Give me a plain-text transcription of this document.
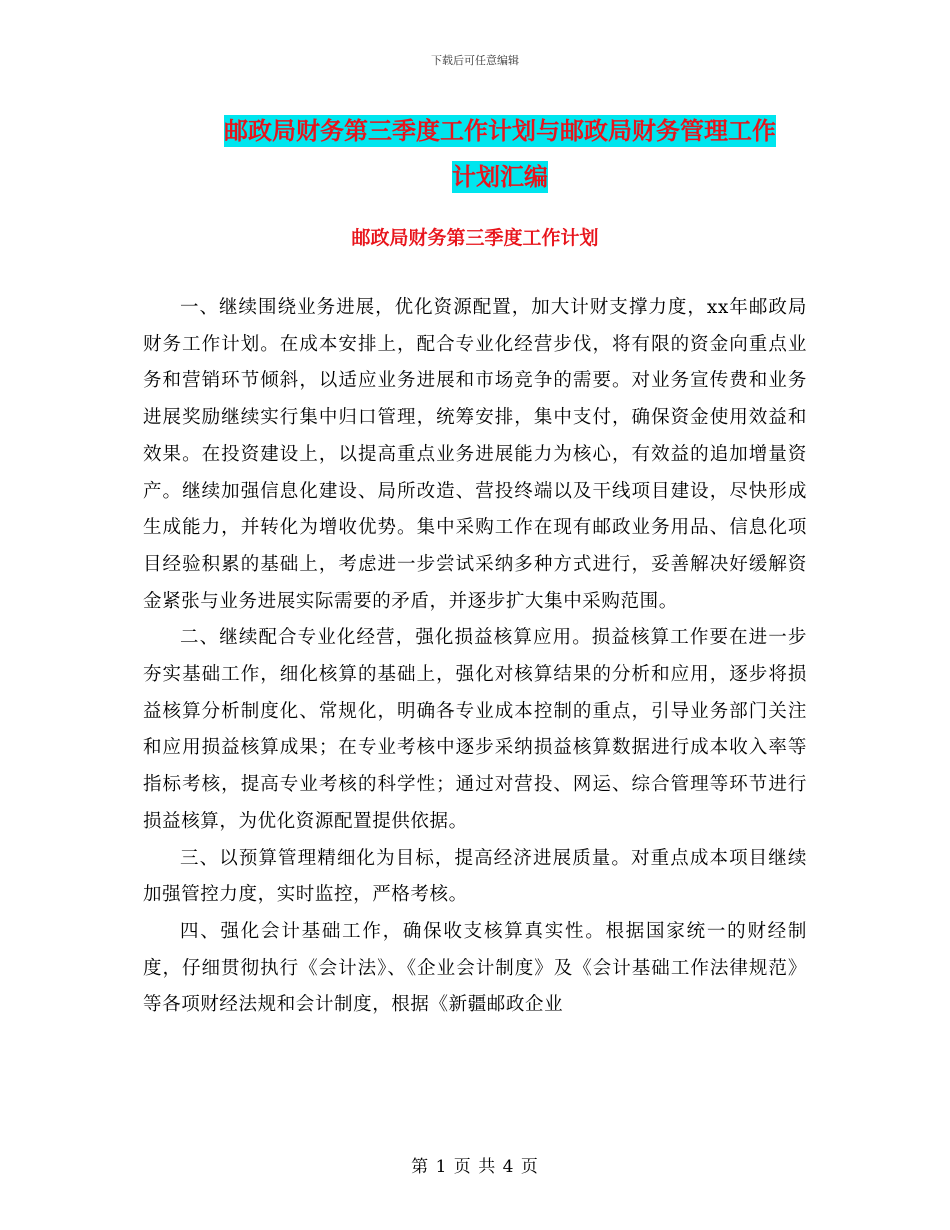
下载后可任意编辑
邮政局财务第三季度工作计划与邮政局财务管理工作
计划汇编
邮政局财务第三季度工作计划

一、继续围绕业务进展，优化资源配置，加大计财支撑力度，xx年邮政局财务工作计划。在成本安排上，配合专业化经营步伐，将有限的资金向重点业务和营销环节倾斜，以适应业务进展和市场竞争的需要。对业务宣传费和业务进展奖励继续实行集中归口管理，统筹安排，集中支付，确保资金使用效益和效果。在投资建设上，以提高重点业务进展能力为核心，有效益的追加增量资产。继续加强信息化建设、局所改造、营投终端以及干线项目建设，尽快形成生成能力，并转化为增收优势。集中采购工作在现有邮政业务用品、信息化项目经验积累的基础上，考虑进一步尝试采纳多种方式进行，妥善解决好缓解资金紧张与业务进展实际需要的矛盾，并逐步扩大集中采购范围。

二、继续配合专业化经营，强化损益核算应用。损益核算工作要在进一步夯实基础工作，细化核算的基础上，强化对核算结果的分析和应用，逐步将损益核算分析制度化、常规化，明确各专业成本控制的重点，引导业务部门关注和应用损益核算成果；在专业考核中逐步采纳损益核算数据进行成本收入率等指标考核，提高专业考核的科学性；通过对营投、网运、综合管理等环节进行损益核算，为优化资源配置提供依据。

三、以预算管理精细化为目标，提高经济进展质量。对重点成本项目继续加强管控力度，实时监控，严格考核。

四、强化会计基础工作，确保收支核算真实性。根据国家统一的财经制度，仔细贯彻执行《会计法》、《企业会计制度》及《会计基础工作法律规范》等各项财经法规和会计制度，根据《新疆邮政企业

第 1 页 共 4 页
